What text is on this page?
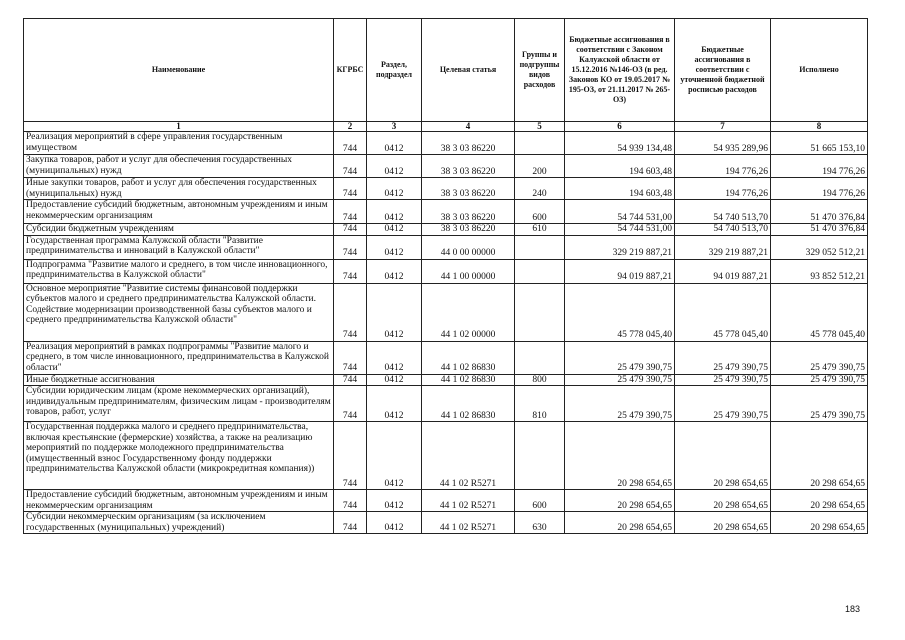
Наименование	КГРБС	Раздел, подраздел	Целевая статья	Группы и подгруппы видов расходов	Бюджетные ассигнования в соответствии с Законом Калужской области от 15.12.2016 №146-ОЗ (в ред. Законов КО от 19.05.2017 № 195-ОЗ, от 21.11.2017 № 265-ОЗ)	Бюджетные ассигнования в соответствии с уточненной бюджетной росписью расходов	Исполнено
1	2	3	4	5	6	7	8
Реализация мероприятий в сфере управления государственным имуществом	744	0412	38 3 03 86220		54 939 134,48	54 935 289,96	51 665 153,10
Закупка товаров, работ и услуг для обеспечения государственных (муниципальных) нужд	744	0412	38 3 03 86220	200	194 603,48	194 776,26	194 776,26
Иные закупки товаров, работ и услуг для обеспечения государственных (муниципальных) нужд	744	0412	38 3 03 86220	240	194 603,48	194 776,26	194 776,26
Предоставление субсидий бюджетным, автономным учреждениям и иным некоммерческим организациям	744	0412	38 3 03 86220	600	54 744 531,00	54 740 513,70	51 470 376,84
Субсидии бюджетным учреждениям	744	0412	38 3 03 86220	610	54 744 531,00	54 740 513,70	51 470 376,84
Государственная программа Калужской области "Развитие предпринимательства и инноваций в Калужской области"	744	0412	44 0 00 00000		329 219 887,21	329 219 887,21	329 052 512,21
Подпрограмма "Развитие малого и среднего, в том числе инновационного, предпринимательства в Калужской области"	744	0412	44 1 00 00000		94 019 887,21	94 019 887,21	93 852 512,21
Основное мероприятие "Развитие системы финансовой поддержки субъектов малого и среднего предпринимательства Калужской области. Содействие модернизации производственной базы субъектов малого и среднего предпринимательства Калужской области"	744	0412	44 1 02 00000		45 778 045,40	45 778 045,40	45 778 045,40
Реализация мероприятий в рамках подпрограммы "Развитие малого и среднего, в том числе инновационного, предпринимательства в Калужской области"	744	0412	44 1 02 86830		25 479 390,75	25 479 390,75	25 479 390,75
Иные бюджетные ассигнования	744	0412	44 1 02 86830	800	25 479 390,75	25 479 390,75	25 479 390,75
Субсидии юридическим лицам (кроме некоммерческих организаций), индивидуальным предпринимателям, физическим лицам - производителям товаров, работ, услуг	744	0412	44 1 02 86830	810	25 479 390,75	25 479 390,75	25 479 390,75
Государственная поддержка малого и среднего предпринимательства, включая крестьянские (фермерские) хозяйства, а также на реализацию мероприятий по поддержке молодежного предпринимательства (имущественный взнос Государственному фонду поддержки предпринимательства Калужской области (микрокредитная компания))	744	0412	44 1 02 R5271		20 298 654,65	20 298 654,65	20 298 654,65
Предоставление субсидий бюджетным, автономным учреждениям и иным некоммерческим организациям	744	0412	44 1 02 R5271	600	20 298 654,65	20 298 654,65	20 298 654,65
Субсидии некоммерческим организациям (за исключением государственных (муниципальных) учреждений)	744	0412	44 1 02 R5271	630	20 298 654,65	20 298 654,65	20 298 654,65
183
